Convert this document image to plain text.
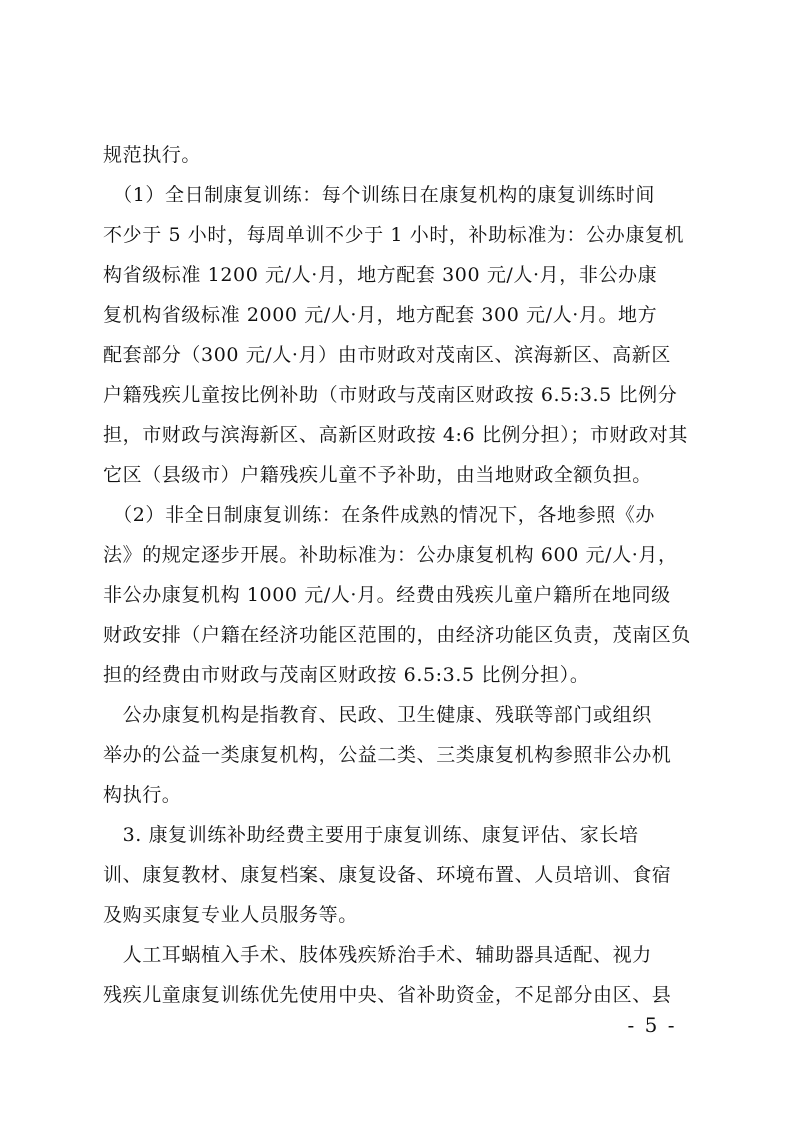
规范执行。
　（1）全日制康复训练：每个训练日在康复机构的康复训练时间
不少于 5 小时，每周单训不少于 1 小时，补助标准为：公办康复机
构省级标准 1200 元/人·月，地方配套 300 元/人·月，非公办康
复机构省级标准 2000 元/人·月，地方配套 300 元/人·月。地方
配套部分（300 元/人·月）由市财政对茂南区、滨海新区、高新区
户籍残疾儿童按比例补助（市财政与茂南区财政按 6.5:3.5 比例分
担，市财政与滨海新区、高新区财政按 4:6 比例分担）；市财政对其
它区（县级市）户籍残疾儿童不予补助，由当地财政全额负担。
　（2）非全日制康复训练：在条件成熟的情况下，各地参照《办
法》的规定逐步开展。补助标准为：公办康复机构 600 元/人·月，
非公办康复机构 1000 元/人·月。经费由残疾儿童户籍所在地同级
财政安排（户籍在经济功能区范围的，由经济功能区负责，茂南区负
担的经费由市财政与茂南区财政按 6.5:3.5 比例分担）。
　公办康复机构是指教育、民政、卫生健康、残联等部门或组织
举办的公益一类康复机构，公益二类、三类康复机构参照非公办机
构执行。
　3. 康复训练补助经费主要用于康复训练、康复评估、家长培
训、康复教材、康复档案、康复设备、环境布置、人员培训、食宿
及购买康复专业人员服务等。
　人工耳蜗植入手术、肢体残疾矫治手术、辅助器具适配、视力
残疾儿童康复训练优先使用中央、省补助资金，不足部分由区、县
- 5 -
